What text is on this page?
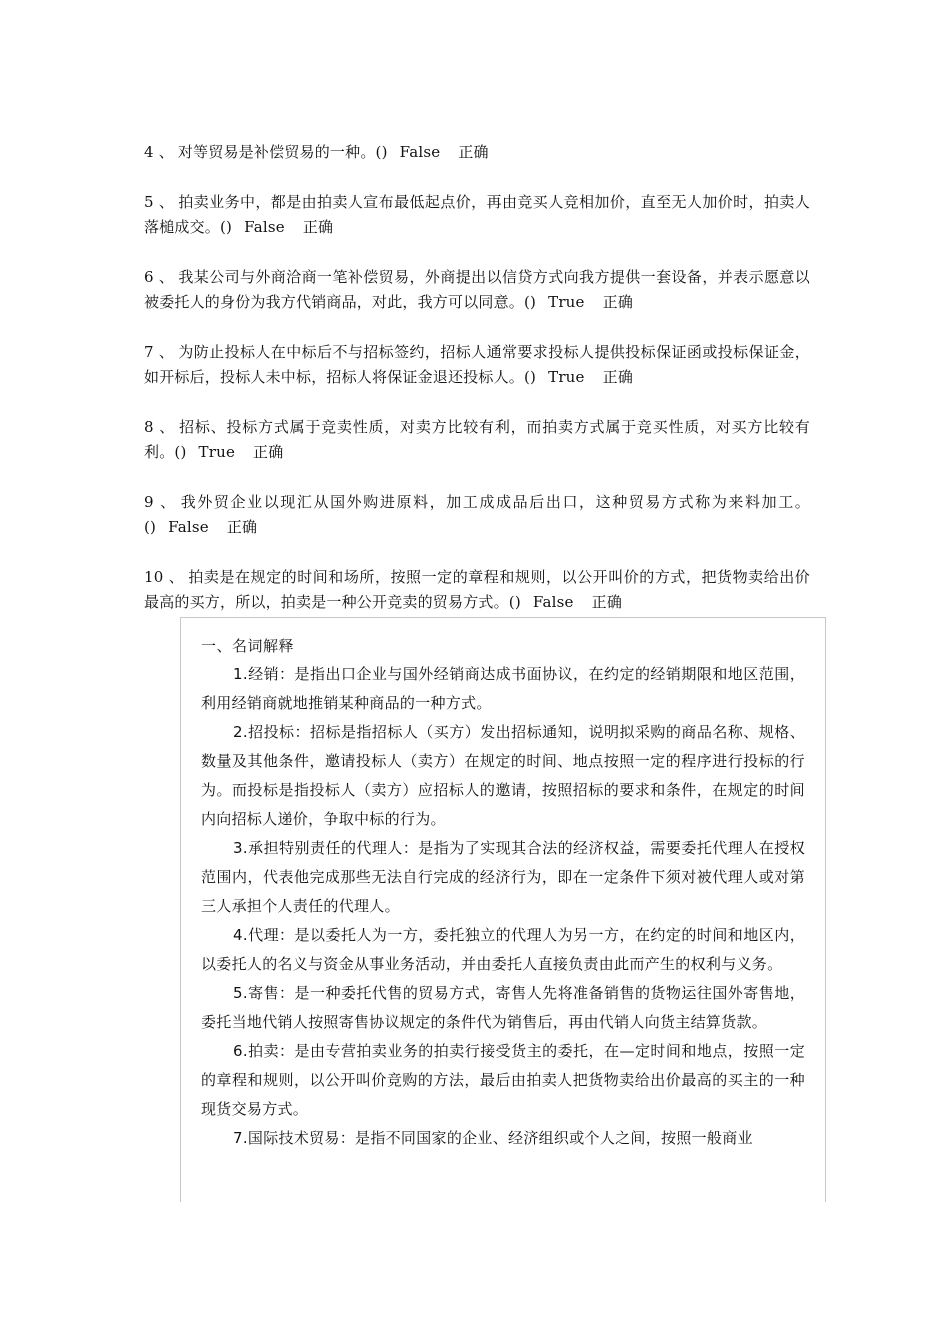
4 、 对等贸易是补偿贸易的一种。() False 正确

5 、 拍卖业务中，都是由拍卖人宣布最低起点价，再由竞买人竞相加价，直至无人加价时，拍卖人落槌成交。() False 正确

6 、 我某公司与外商洽商一笔补偿贸易，外商提出以信贷方式向我方提供一套设备，并表示愿意以被委托人的身份为我方代销商品，对此，我方可以同意。() True 正确

7 、 为防止投标人在中标后不与招标签约，招标人通常要求投标人提供投标保证函或投标保证金，如开标后，投标人未中标，招标人将保证金退还投标人。() True 正确

8 、 招标、投标方式属于竞卖性质，对卖方比较有利，而拍卖方式属于竞买性质，对买方比较有利。() True 正确

9 、 我外贸企业以现汇从国外购进原料，加工成成品后出口，这种贸易方式称为来料加工。() False 正确

10 、 拍卖是在规定的时间和场所，按照一定的章程和规则，以公开叫价的方式，把货物卖给出价最高的买方，所以，拍卖是一种公开竞卖的贸易方式。() False 正确

一、名词解释

1.经销：是指出口企业与国外经销商达成书面协议，在约定的经销期限和地区范围，利用经销商就地推销某种商品的一种方式。

2.招投标：招标是指招标人（买方）发出招标通知，说明拟采购的商品名称、规格、数量及其他条件，邀请投标人（卖方）在规定的时间、地点按照一定的程序进行投标的行为。而投标是指投标人（卖方）应招标人的邀请，按照招标的要求和条件，在规定的时间内向招标人递价，争取中标的行为。

3.承担特别责任的代理人：是指为了实现其合法的经济权益，需要委托代理人在授权范围内，代表他完成那些无法自行完成的经济行为，即在一定条件下须对被代理人或对第三人承担个人责任的代理人。

4.代理：是以委托人为一方，委托独立的代理人为另一方，在约定的时间和地区内，以委托人的名义与资金从事业务活动，并由委托人直接负责由此而产生的权利与义务。

5.寄售：是一种委托代售的贸易方式，寄售人先将准备销售的货物运往国外寄售地，委托当地代销人按照寄售协议规定的条件代为销售后，再由代销人向货主结算货款。

6.拍卖：是由专营拍卖业务的拍卖行接受货主的委托，在—定时间和地点，按照一定的章程和规则，以公开叫价竞购的方法，最后由拍卖人把货物卖给出价最高的买主的一种现货交易方式。

7.国际技术贸易：是指不同国家的企业、经济组织或个人之间，按照一般商业
